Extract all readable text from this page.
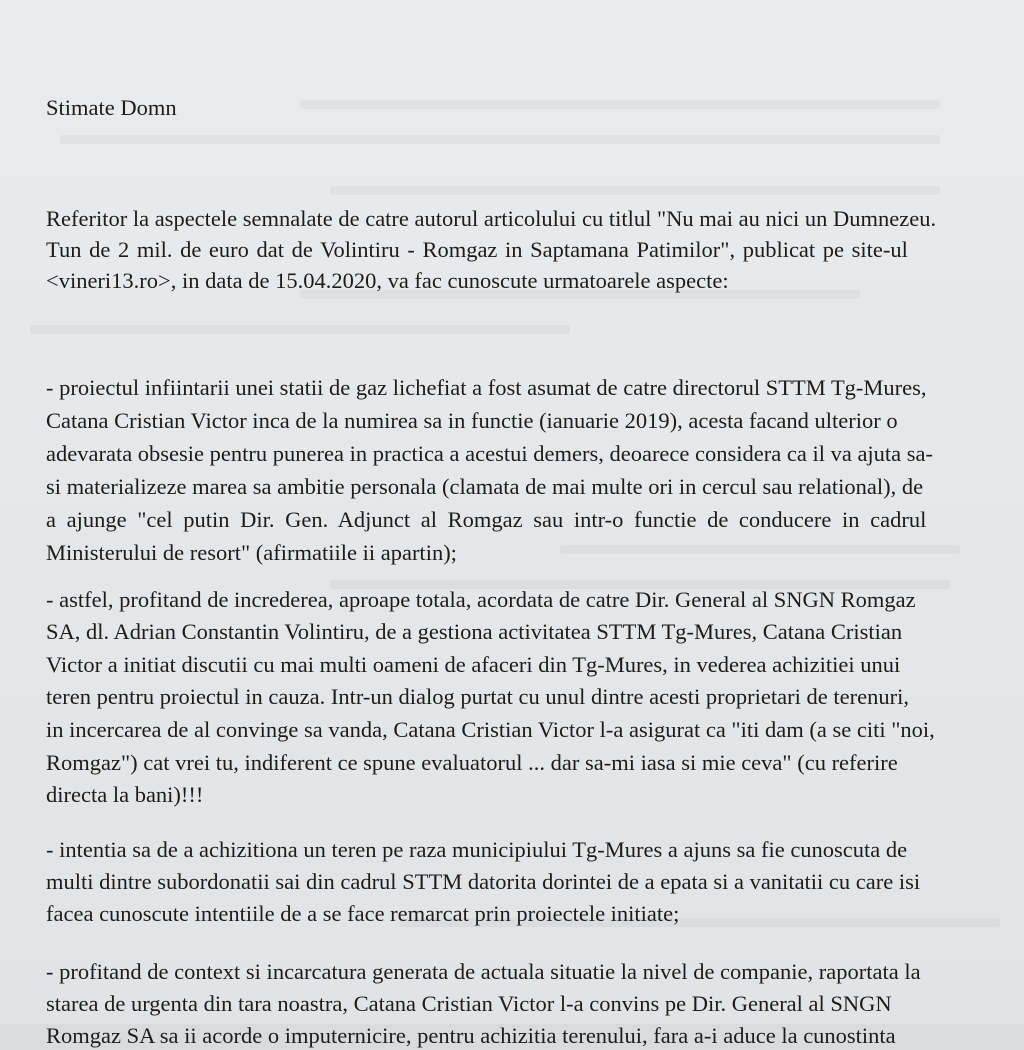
Stimate Domn
Referitor la aspectele semnalate de catre autorul articolului cu titlul "Nu mai au nici un Dumnezeu.
Tun de 2 mil. de euro dat de Volintiru - Romgaz in Saptamana Patimilor", publicat pe site-ul
<vineri13.ro>, in data de 15.04.2020, va fac cunoscute urmatoarele aspecte:
- proiectul infiintarii unei statii de gaz lichefiat a fost asumat de catre directorul STTM Tg-Mures,
Catana Cristian Victor inca de la numirea sa in functie (ianuarie 2019), acesta facand ulterior o
adevarata obsesie pentru punerea in practica a acestui demers, deoarece considera ca il va ajuta sa-
si materializeze marea sa ambitie personala (clamata de mai multe ori in cercul sau relational), de
a ajunge "cel putin Dir. Gen. Adjunct al Romgaz sau intr-o functie de conducere in cadrul
Ministerului de resort" (afirmatiile ii apartin);
- astfel, profitand de increderea, aproape totala, acordata de catre Dir. General al SNGN Romgaz
SA, dl. Adrian Constantin Volintiru, de a gestiona activitatea STTM Tg-Mures, Catana Cristian
Victor a initiat discutii cu mai multi oameni de afaceri din Tg-Mures, in vederea achizitiei unui
teren pentru proiectul in cauza. Intr-un dialog purtat cu unul dintre acesti proprietari de terenuri,
in incercarea de al convinge sa vanda, Catana Cristian Victor l-a asigurat ca "iti dam (a se citi "noi,
Romgaz") cat vrei tu, indiferent ce spune evaluatorul ... dar sa-mi iasa si mie ceva" (cu referire
directa la bani)!!!
- intentia sa de a achizitiona un teren pe raza municipiului Tg-Mures a ajuns sa fie cunoscuta de
multi dintre subordonatii sai din cadrul STTM datorita dorintei de a epata si a vanitatii cu care isi
facea cunoscute intentiile de a se face remarcat prin proiectele initiate;
- profitand de context si incarcatura generata de actuala situatie la nivel de companie, raportata la
starea de urgenta din tara noastra, Catana Cristian Victor l-a convins pe Dir. General al SNGN
Romgaz SA sa ii acorde o imputernicire, pentru achizitia terenului, fara a-i aduce la cunostinta
